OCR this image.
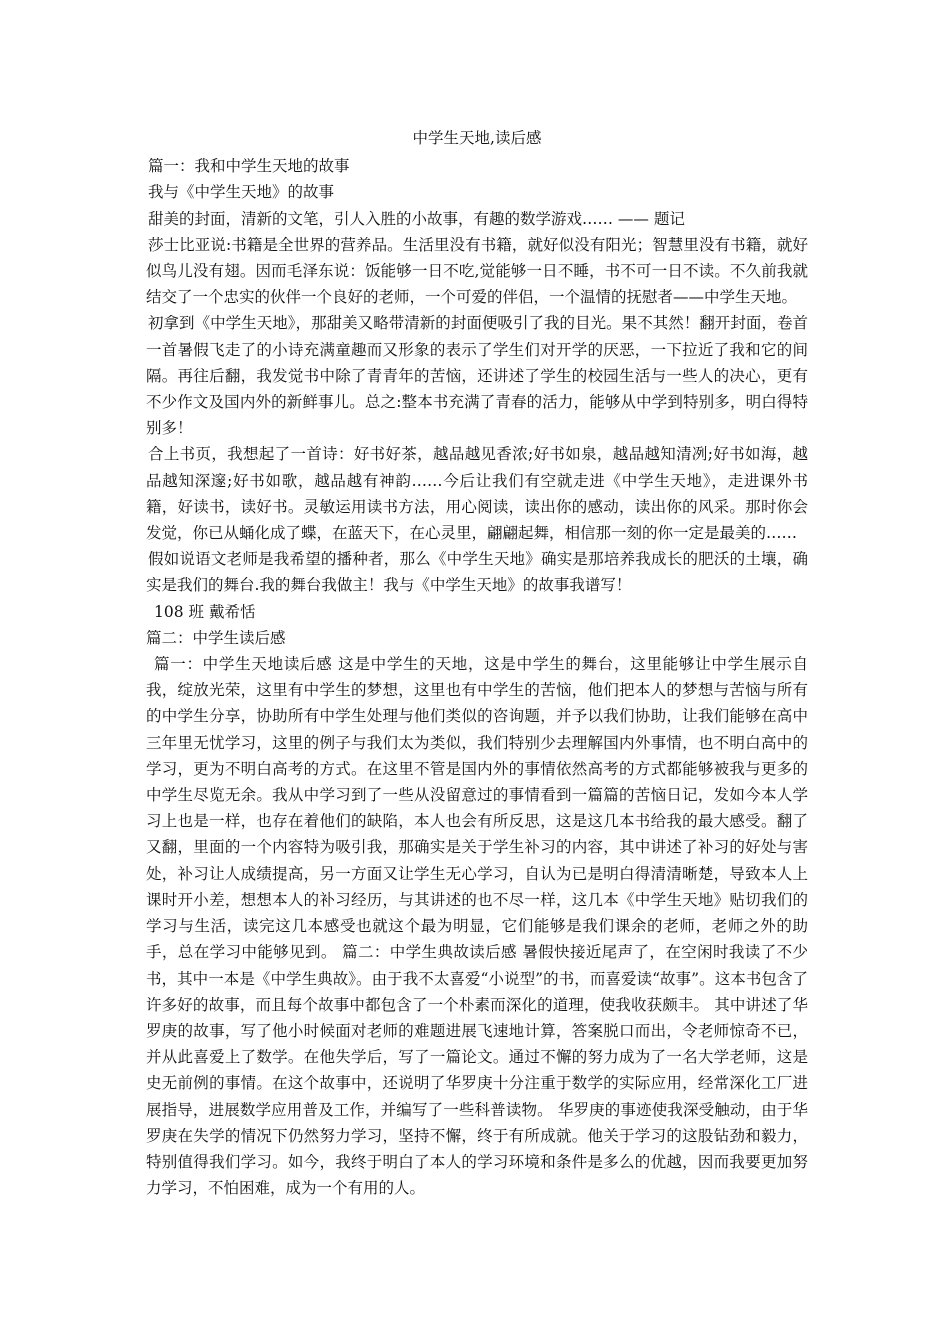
中学生天地,读后感

篇一：我和中学生天地的故事

我与《中学生天地》的故事

甜美的封面，清新的文笔，引人入胜的小故事，有趣的数学游戏…… —— 题记

莎士比亚说:书籍是全世界的营养品。生活里没有书籍，就好似没有阳光；智慧里没有书籍，就好似鸟儿没有翅。因而毛泽东说：饭能够一日不吃,觉能够一日不睡，书不可一日不读。不久前我就结交了一个忠实的伙伴一个良好的老师，一个可爱的伴侣，一个温情的抚慰者——中学生天地。

初拿到《中学生天地》，那甜美又略带清新的封面便吸引了我的目光。果不其然！翻开封面，卷首一首暑假飞走了的小诗充满童趣而又形象的表示了学生们对开学的厌恶，一下拉近了我和它的间隔。再往后翻，我发觉书中除了青青年的苦恼，还讲述了学生的校园生活与一些人的决心，更有不少作文及国内外的新鲜事儿。总之:整本书充满了青春的活力，能够从中学到特别多，明白得特别多！

合上书页，我想起了一首诗：好书好茶，越品越见香浓;好书如泉，越品越知清冽;好书如海，越品越知深邃;好书如歌，越品越有神韵……今后让我们有空就走进《中学生天地》，走进课外书籍，好读书，读好书。灵敏运用读书方法，用心阅读，读出你的感动，读出你的风采。那时你会发觉，你已从蛹化成了蝶，在蓝天下，在心灵里，翩翩起舞，相信那一刻的你一定是最美的……

假如说语文老师是我希望的播种者，那么《中学生天地》确实是那培养我成长的肥沃的土壤，确实是我们的舞台.我的舞台我做主！我与《中学生天地》的故事我谱写！

108 班 戴希恬

篇二：中学生读后感

篇一：中学生天地读后感 这是中学生的天地，这是中学生的舞台，这里能够让中学生展示自我，绽放光荣，这里有中学生的梦想，这里也有中学生的苦恼，他们把本人的梦想与苦恼与所有的中学生分享，协助所有中学生处理与他们类似的咨询题，并予以我们协助，让我们能够在高中三年里无忧学习，这里的例子与我们太为类似，我们特别少去理解国内外事情，也不明白高中的学习，更为不明白高考的方式。在这里不管是国内外的事情依然高考的方式都能够被我与更多的中学生尽览无余。我从中学习到了一些从没留意过的事情看到一篇篇的苦恼日记，发如今本人学习上也是一样，也存在着他们的缺陷，本人也会有所反思，这是这几本书给我的最大感受。翻了又翻，里面的一个内容特为吸引我，那确实是关于学生补习的内容，其中讲述了补习的好处与害处，补习让人成绩提高，另一方面又让学生无心学习，自认为已是明白得清清晰楚，导致本人上课时开小差，想想本人的补习经历，与其讲述的也不尽一样，这几本《中学生天地》贴切我们的学习与生活，读完这几本感受也就这个最为明显，它们能够是我们课余的老师，老师之外的助手，总在学习中能够见到。 篇二：中学生典故读后感 暑假快接近尾声了，在空闲时我读了不少书，其中一本是《中学生典故》。由于我不太喜爱“小说型”的书，而喜爱读“故事”。这本书包含了许多好的故事，而且每个故事中都包含了一个朴素而深化的道理，使我收获颇丰。 其中讲述了华罗庚的故事，写了他小时候面对老师的难题进展飞速地计算，答案脱口而出，令老师惊奇不已，并从此喜爱上了数学。在他失学后，写了一篇论文。通过不懈的努力成为了一名大学老师，这是史无前例的事情。在这个故事中，还说明了华罗庚十分注重于数学的实际应用，经常深化工厂进展指导，进展数学应用普及工作，并编写了一些科普读物。 华罗庚的事迹使我深受触动，由于华罗庚在失学的情况下仍然努力学习，坚持不懈，终于有所成就。他关于学习的这股钻劲和毅力，特别值得我们学习。如今，我终于明白了本人的学习环境和条件是多么的优越，因而我要更加努力学习，不怕困难，成为一个有用的人。
